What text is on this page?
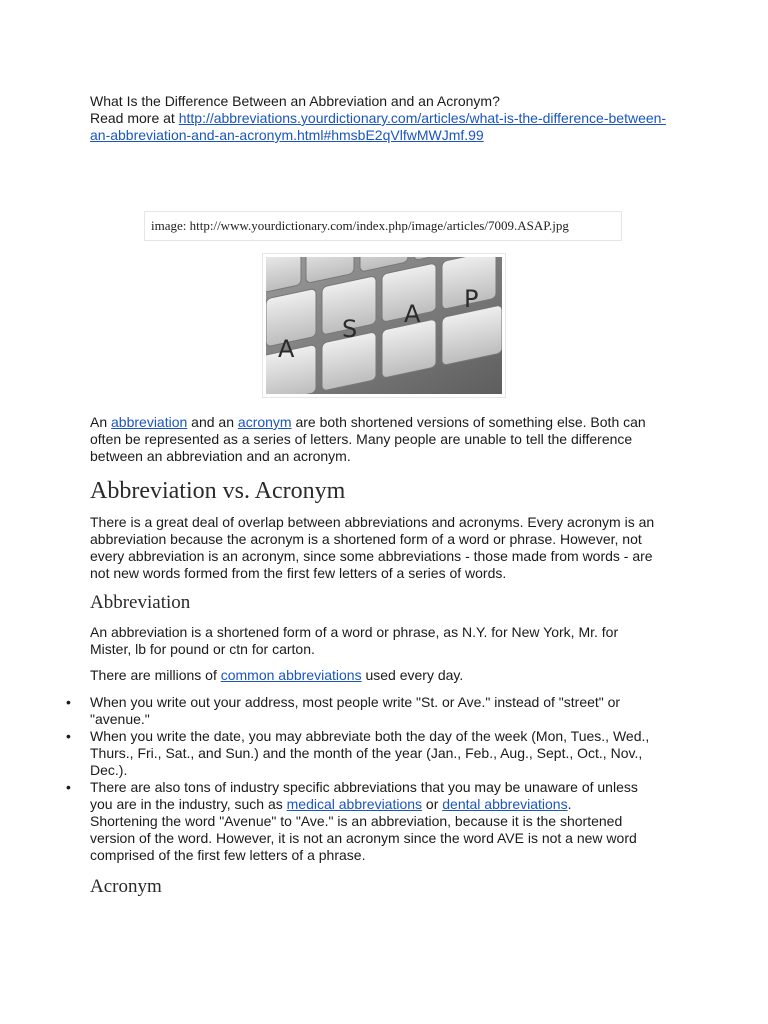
What Is the Difference Between an Abbreviation and an Acronym?
Read more at http://abbreviations.yourdictionary.com/articles/what-is-the-difference-between-
an-abbreviation-and-an-acronym.html#hmsbE2qVlfwMWJmf.99
image: http://www.yourdictionary.com/index.php/image/articles/7009.ASAP.jpg
A
S
A
P
An abbreviation and an acronym are both shortened versions of something else. Both can
often be represented as a series of letters. Many people are unable to tell the difference
between an abbreviation and an acronym.
Abbreviation vs. Acronym
There is a great deal of overlap between abbreviations and acronyms. Every acronym is an
abbreviation because the acronym is a shortened form of a word or phrase. However, not
every abbreviation is an acronym, since some abbreviations - those made from words - are
not new words formed from the first few letters of a series of words.
Abbreviation
An abbreviation is a shortened form of a word or phrase, as N.Y. for New York, Mr. for
Mister, lb for pound or ctn for carton.
There are millions of common abbreviations used every day.
• When you write out your address, most people write "St. or Ave." instead of "street" or
"avenue."
• When you write the date, you may abbreviate both the day of the week (Mon, Tues., Wed.,
Thurs., Fri., Sat., and Sun.) and the month of the year (Jan., Feb., Aug., Sept., Oct., Nov.,
Dec.).
• There are also tons of industry specific abbreviations that you may be unaware of unless
you are in the industry, such as medical abbreviations or dental abbreviations.
Shortening the word "Avenue" to "Ave." is an abbreviation, because it is the shortened
version of the word. However, it is not an acronym since the word AVE is not a new word
comprised of the first few letters of a phrase.
Acronym
